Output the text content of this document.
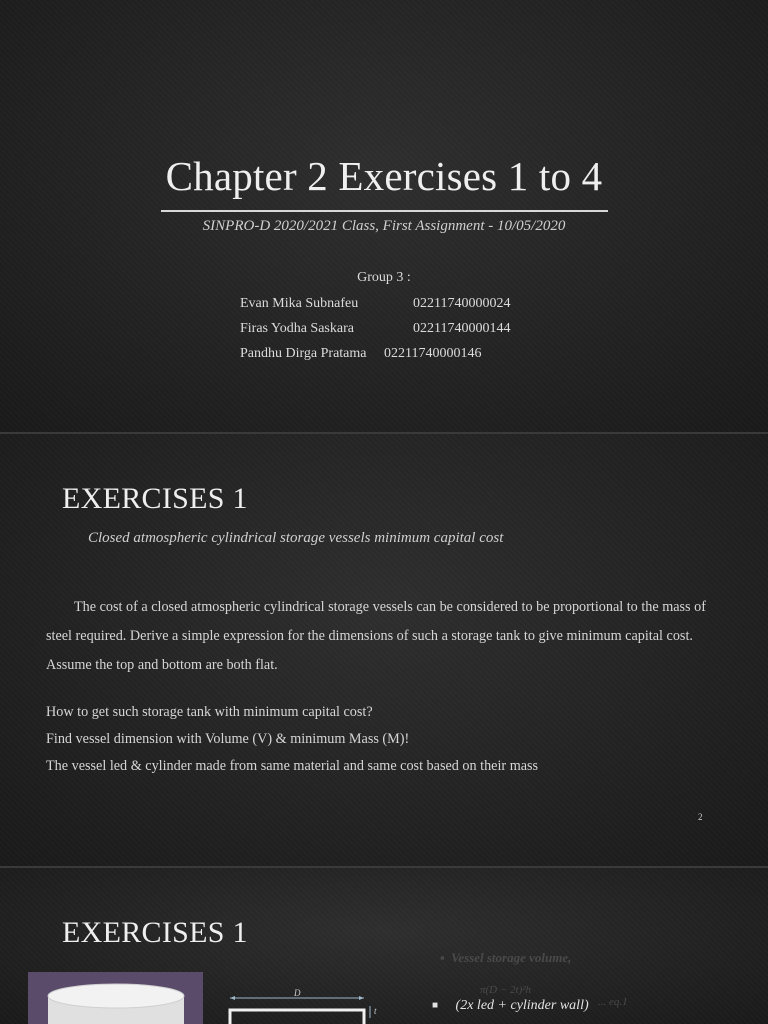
Chapter 2 Exercises 1 to 4
SINPRO-D 2020/2021 Class, First Assignment - 10/05/2020
Group 3 :
Evan Mika Subnafeu	02211740000024
Firas Yodha Saskara	02211740000144
Pandhu Dirga Pratama 02211740000146
EXERCISES 1
Closed atmospheric cylindrical storage vessels minimum capital cost

The cost of a closed atmospheric cylindrical storage vessels can be considered to be proportional to the mass of steel required. Derive a simple expression for the dimensions of such a storage tank to give minimum capital cost. Assume the top and bottom are both flat.

How to get such storage tank with minimum capital cost?
Find vessel dimension with Volume (V) & minimum Mass (M)!
The vessel led & cylinder made from same material and same cost based on their mass
2
EXERCISES 1
D
t
▪  Vessel storage volume,
π(D − 2t)²h
... eq.1
■ (2x led + cylinder wall)
